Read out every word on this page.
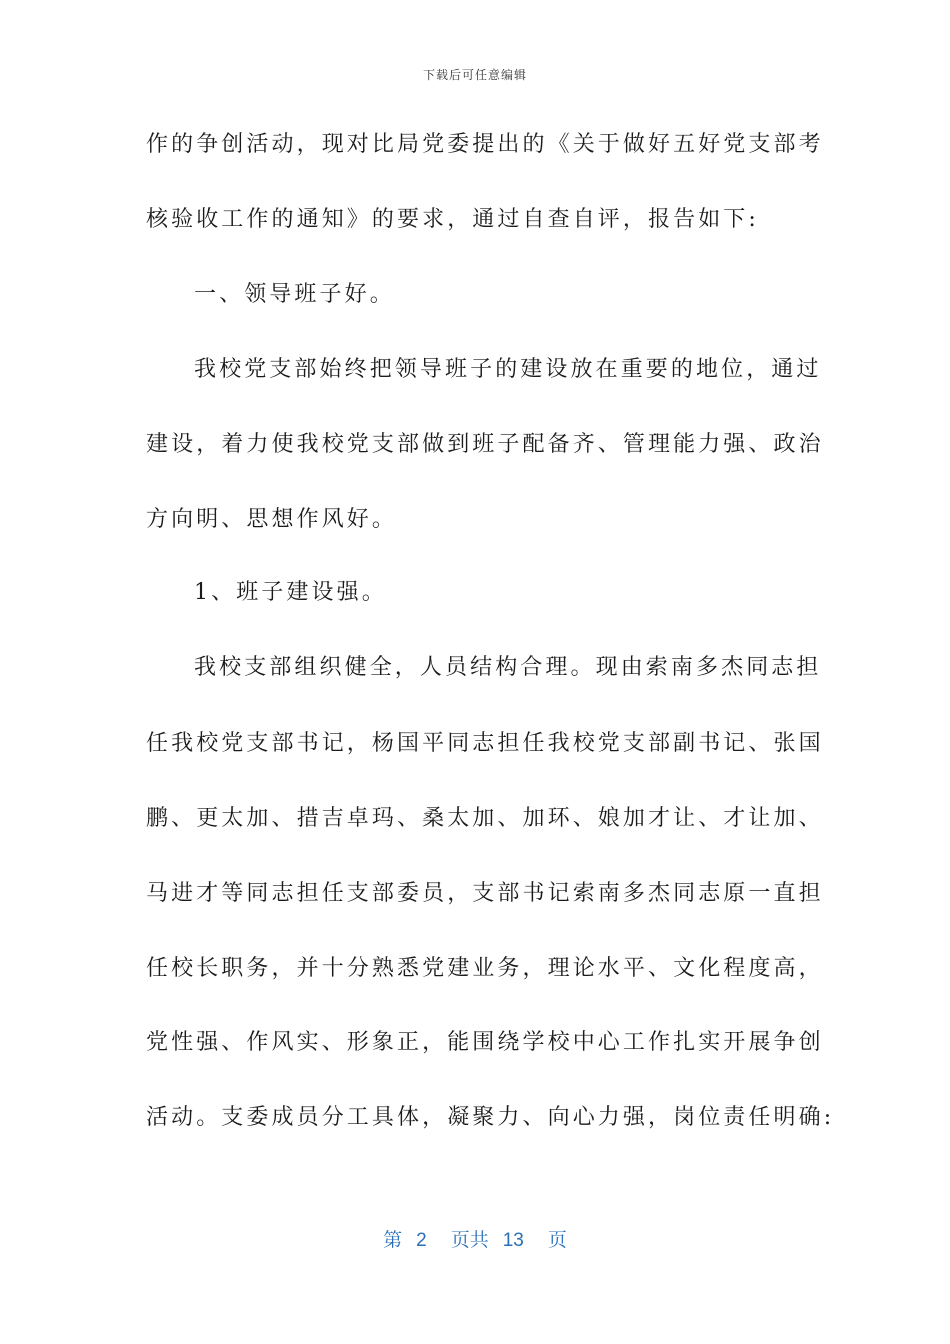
下载后可任意编辑
作的争创活动，现对比局党委提出的《关于做好五好党支部考
核验收工作的通知》的要求，通过自查自评，报告如下:
一、领导班子好。
我校党支部始终把领导班子的建设放在重要的地位，通过
建设，着力使我校党支部做到班子配备齐、管理能力强、政治
方向明、思想作风好。
1、班子建设强。
我校支部组织健全，人员结构合理。现由索南多杰同志担
任我校党支部书记，杨国平同志担任我校党支部副书记、张国
鹏、更太加、措吉卓玛、桑太加、加环、娘加才让、才让加、
马进才等同志担任支部委员，支部书记索南多杰同志原一直担
任校长职务，并十分熟悉党建业务，理论水平、文化程度高，
党性强、作风实、形象正，能围绕学校中心工作扎实开展争创
活动。支委成员分工具体，凝聚力、向心力强，岗位责任明确:
第 2 页共 13 页
